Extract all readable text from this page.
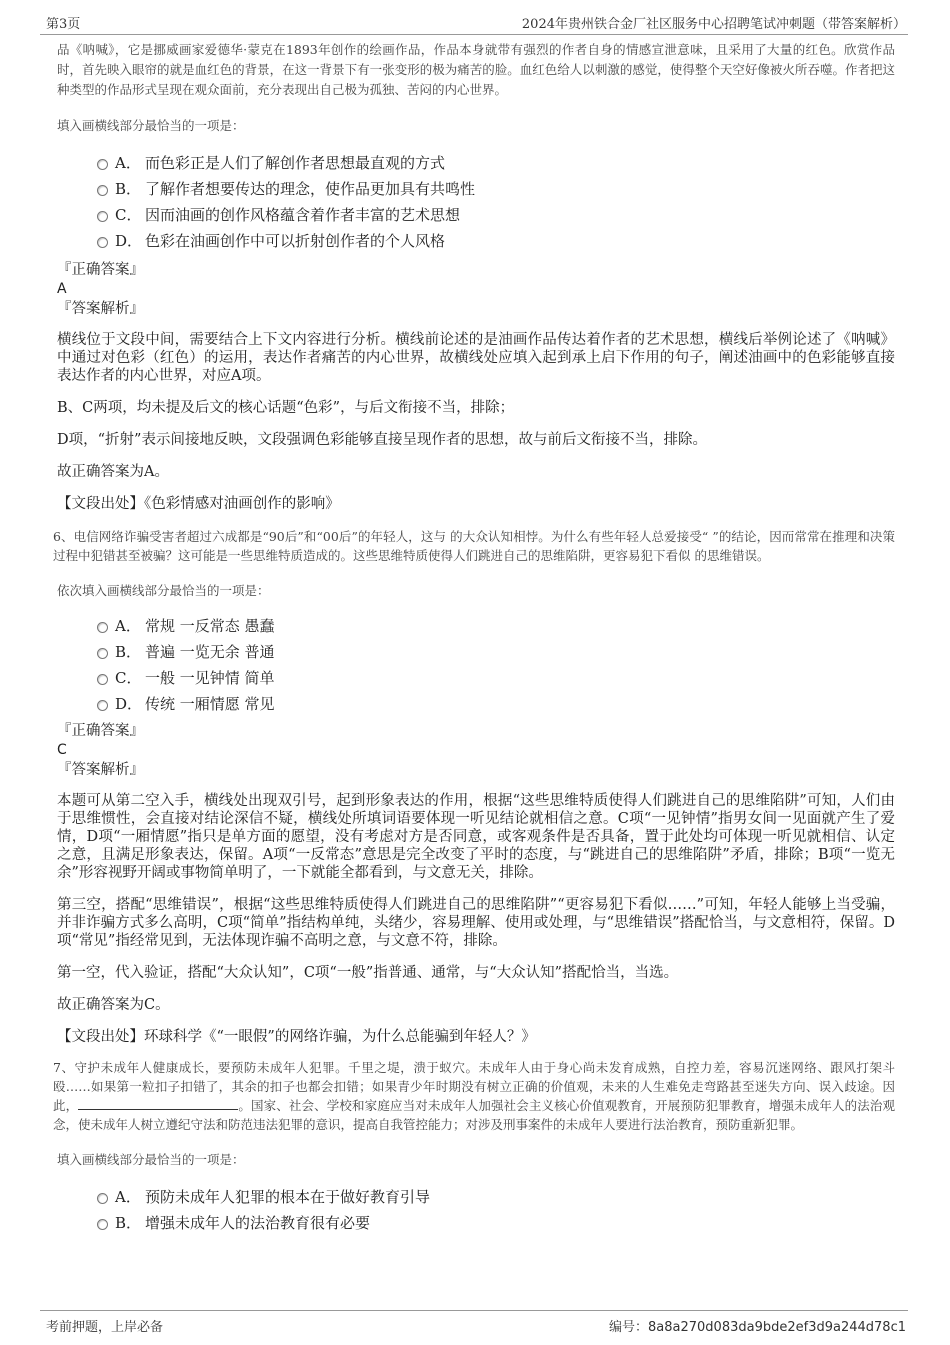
第3页	2024年贵州铁合金厂社区服务中心招聘笔试冲刺题（带答案解析）

品《呐喊》，它是挪威画家爱德华·蒙克在1893年创作的绘画作品，作品本身就带有强烈的作者自身的情感宣泄意味，且采用了大量的红色。欣赏作品时，首先映入眼帘的就是血红色的背景，在这一背景下有一张变形的极为痛苦的脸。血红色给人以刺激的感觉，使得整个天空好像被火所吞噬。作者把这种类型的作品形式呈现在观众面前，充分表现出自己极为孤独、苦闷的内心世界。

填入画横线部分最恰当的一项是：

A． 而色彩正是人们了解创作者思想最直观的方式
B． 了解作者想要传达的理念，使作品更加具有共鸣性
C． 因而油画的创作风格蕴含着作者丰富的艺术思想
D． 色彩在油画创作中可以折射创作者的个人风格

『正确答案』

A

『答案解析』

横线位于文段中间，需要结合上下文内容进行分析。横线前论述的是油画作品传达着作者的艺术思想，横线后举例论述了《呐喊》中通过对色彩（红色）的运用，表达作者痛苦的内心世界，故横线处应填入起到承上启下作用的句子，阐述油画中的色彩能够直接表达作者的内心世界，对应A项。

B、C两项，均未提及后文的核心话题“色彩”，与后文衔接不当，排除；

D项，“折射”表示间接地反映，文段强调色彩能够直接呈现作者的思想，故与前后文衔接不当，排除。

故正确答案为A。

【文段出处】《色彩情感对油画创作的影响》

6、电信网络诈骗受害者超过六成都是“90后”和“00后”的年轻人，这与 的大众认知相悖。为什么有些年轻人总爱接受“ ”的结论，因而常常在推理和决策过程中犯错甚至被骗？这可能是一些思维特质造成的。这些思维特质使得人们跳进自己的思维陷阱，更容易犯下看似 的思维错误。

依次填入画横线部分最恰当的一项是：

A． 常规 一反常态 愚蠢
B． 普遍 一览无余 普通
C． 一般 一见钟情 简单
D． 传统 一厢情愿 常见

『正确答案』

C

『答案解析』

本题可从第二空入手，横线处出现双引号，起到形象表达的作用，根据“这些思维特质使得人们跳进自己的思维陷阱”可知，人们由于思维惯性，会直接对结论深信不疑，横线处所填词语要体现一听见结论就相信之意。C项“一见钟情”指男女间一见面就产生了爱情，D项“一厢情愿”指只是单方面的愿望，没有考虑对方是否同意，或客观条件是否具备，置于此处均可体现一听见就相信、认定之意，且满足形象表达，保留。A项“一反常态”意思是完全改变了平时的态度，与“跳进自己的思维陷阱”矛盾，排除；B项“一览无余”形容视野开阔或事物简单明了，一下就能全都看到，与文意无关，排除。

第三空，搭配“思维错误”，根据“这些思维特质使得人们跳进自己的思维陷阱”“更容易犯下看似……”可知，年轻人能够上当受骗，并非诈骗方式多么高明，C项“简单”指结构单纯，头绪少，容易理解、使用或处理，与“思维错误”搭配恰当，与文意相符，保留。D项“常见”指经常见到，无法体现诈骗不高明之意，与文意不符，排除。

第一空，代入验证，搭配“大众认知”，C项“一般”指普通、通常，与“大众认知”搭配恰当，当选。

故正确答案为C。

【文段出处】环球科学《“一眼假”的网络诈骗，为什么总能骗到年轻人？》

7、守护未成年人健康成长，要预防未成年人犯罪。千里之堤，溃于蚁穴。未成年人由于身心尚未发育成熟，自控力差，容易沉迷网络、跟风打架斗殴……如果第一粒扣子扣错了，其余的扣子也都会扣错；如果青少年时期没有树立正确的价值观，未来的人生难免走弯路甚至迷失方向、误入歧途。因此，	。国家、社会、学校和家庭应当对未成年人加强社会主义核心价值观教育，开展预防犯罪教育，增强未成年人的法治观念，使未成年人树立遵纪守法和防范违法犯罪的意识，提高自我管控能力；对涉及刑事案件的未成年人要进行法治教育，预防重新犯罪。

填入画横线部分最恰当的一项是：

A． 预防未成年人犯罪的根本在于做好教育引导
B． 增强未成年人的法治教育很有必要
考前押题，上岸必备	编号：8a8a270d083da9bde2ef3d9a244d78c1
